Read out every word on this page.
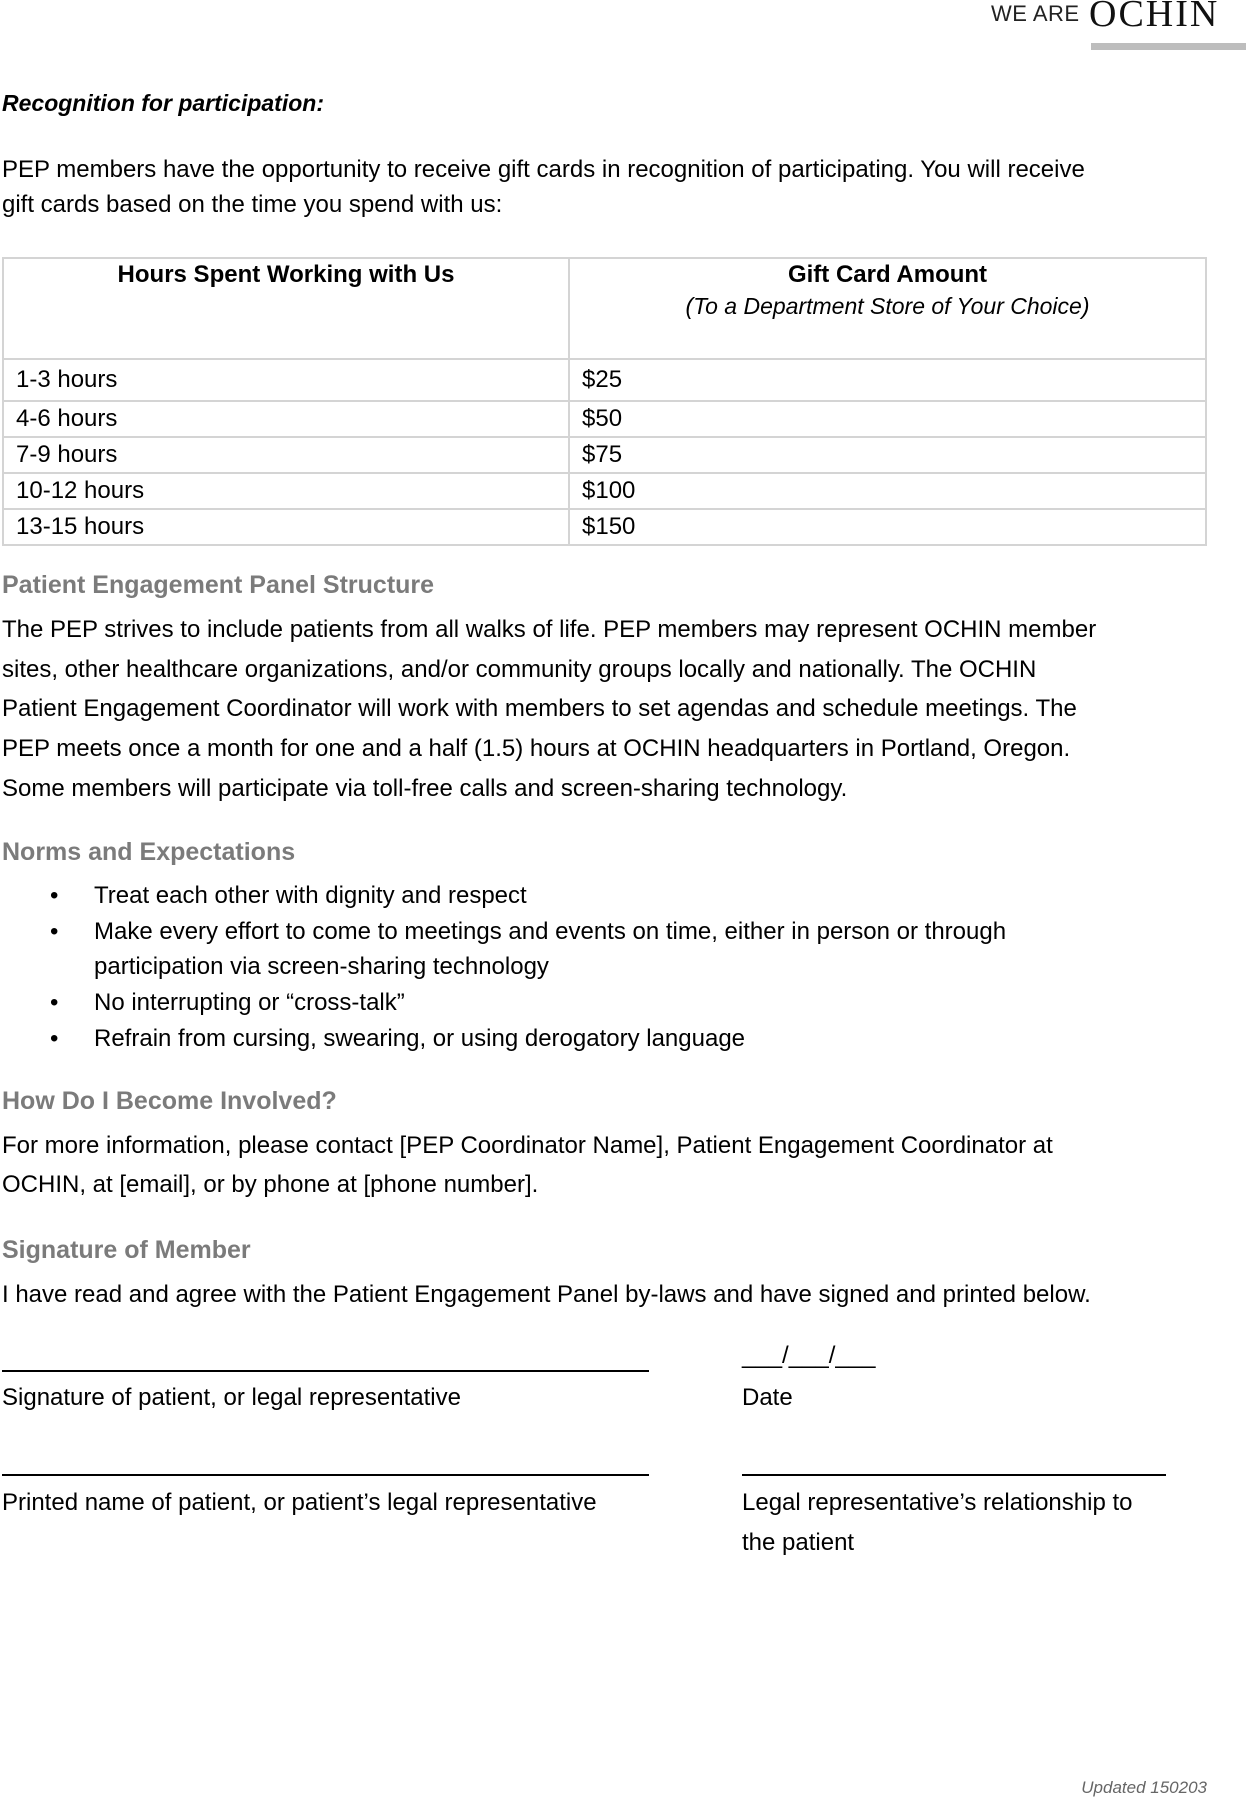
WE ARE OCHIN
Recognition for participation:
PEP members have the opportunity to receive gift cards in recognition of participating. You will receive
gift cards based on the time you spend with us:
Hours Spent Working with Us	Gift Card Amount
(To a Department Store of Your Choice)

1-3 hours	$25
4-6 hours	$50
7-9 hours	$75
10-12 hours	$100
13-15 hours	$150
Patient Engagement Panel Structure
The PEP strives to include patients from all walks of life. PEP members may represent OCHIN member
sites, other healthcare organizations, and/or community groups locally and nationally. The OCHIN
Patient Engagement Coordinator will work with members to set agendas and schedule meetings. The
PEP meets once a month for one and a half (1.5) hours at OCHIN headquarters in Portland, Oregon.
Some members will participate via toll-free calls and screen-sharing technology.
Norms and Expectations
• Treat each other with dignity and respect
• Make every effort to come to meetings and events on time, either in person or through
participation via screen-sharing technology
• No interrupting or “cross-talk”
• Refrain from cursing, swearing, or using derogatory language
How Do I Become Involved?
For more information, please contact [PEP Coordinator Name], Patient Engagement Coordinator at
OCHIN, at [email], or by phone at [phone number].
Signature of Member
I have read and agree with the Patient Engagement Panel by-laws and have signed and printed below.
___/___/___
Signature of patient, or legal representative	Date
Printed name of patient, or patient’s legal representative	Legal representative’s relationship to
the patient
Updated 150203
